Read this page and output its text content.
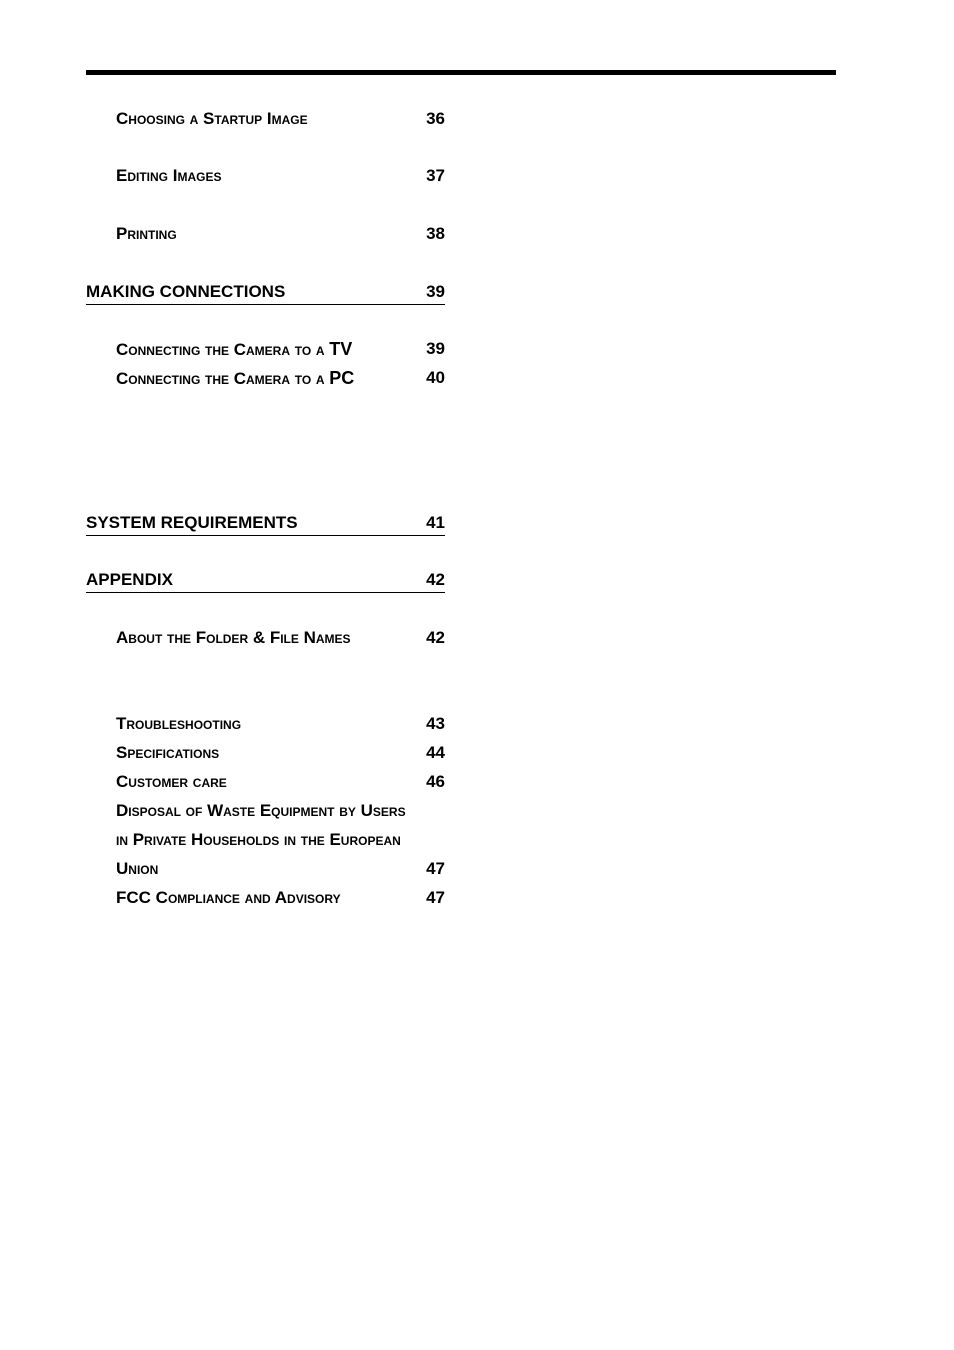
Choosing a Startup Image	36
Editing Images	37
Printing	38
MAKING CONNECTIONS	39
Connecting the Camera to a TV	39
Connecting the Camera to a PC	40
SYSTEM REQUIREMENTS	41
APPENDIX	42
About the Folder & File Names	42
Troubleshooting	43
Specifications	44
Customer care	46
Disposal of Waste Equipment by Users
in Private Households in the European
Union	47
FCC Compliance and Advisory	47
